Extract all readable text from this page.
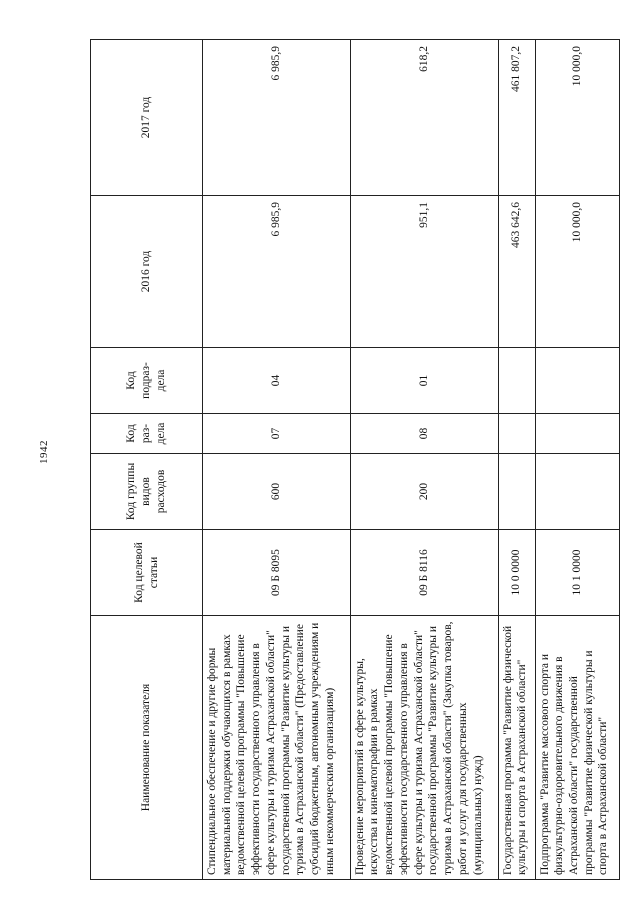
1942
Наименование показателя	Код целевой статьи	Код группы видов расходов	Код раз-дела	Код подраз-дела	2016 год	2017 год
Стипендиальное обеспечение и другие формы материальной поддержки обучающихся в рамках ведомственной целевой программы "Повышение эффективности государственного управления в сфере культуры и туризма Астраханской области" государственной программы "Развитие культуры и туризма в Астраханской области" (Предоставление субсидий бюджетным, автономным учреждениям и иным некоммерческим организациям)	09 Б 8095	600	07	04	6 985,9	6 985,9
Проведение мероприятий в сфере культуры, искусства и кинематографии в рамках ведомственной целевой программы "Повышение эффективности государственного управления в сфере культуры и туризма Астраханской области" государственной программы "Развитие культуры и туризма в Астраханской области" (Закупка товаров, работ и услуг для государственных (муниципальных) нужд)	09 Б 8116	200	08	01	951,1	618,2
Государственная программа "Развитие физической культуры и спорта в Астраханской области"	10 0 0000				463 642,6	461 807,2
Подпрограмма "Развитие массового спорта и физкультурно-оздоровительного движения в Астраханской области" государственной программы "Развитие физической культуры и спорта в Астраханской области"	10 1 0000				10 000,0	10 000,0
